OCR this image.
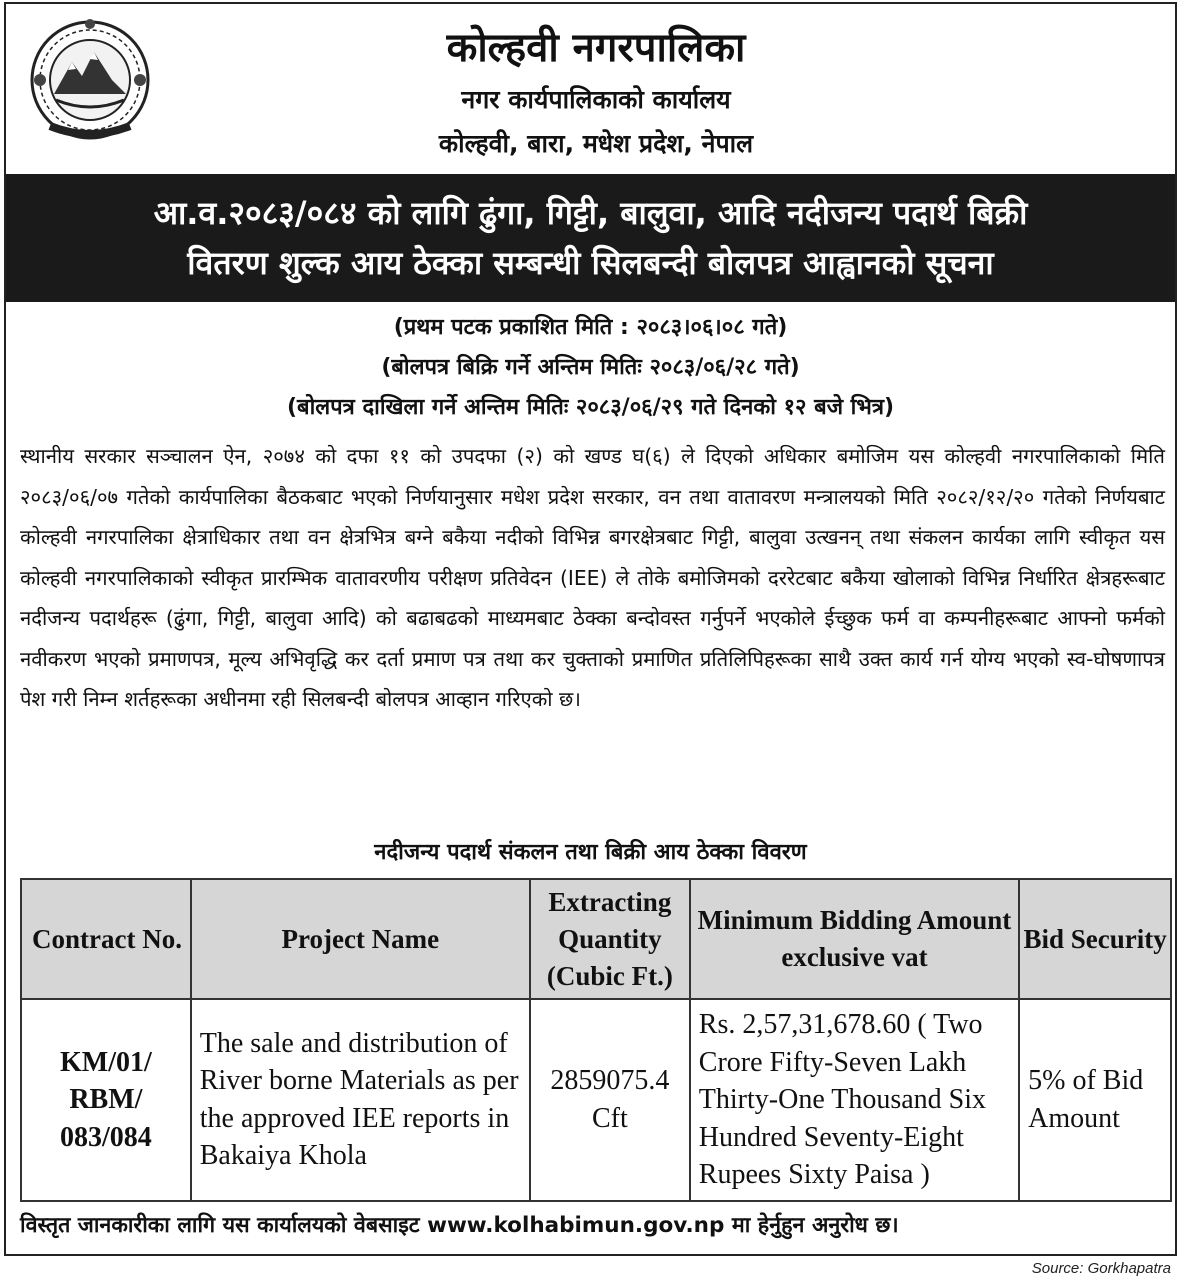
कोल्हवी नगरपालिका
नगर कार्यपालिकाको कार्यालय
कोल्हवी, बारा, मधेश प्रदेश, नेपाल
आ.व.२०८३/०८४ को लागि ढुंगा, गिट्टी, बालुवा, आदि नदीजन्य पदार्थ बिक्री
वितरण शुल्क आय ठेक्का सम्बन्धी सिलबन्दी बोलपत्र आह्वानको सूचना
(प्रथम पटक प्रकाशित मिति : २०८३।०६।०८ गते)
(बोलपत्र बिक्रि गर्ने अन्तिम मितिः २०८३/०६/२८ गते)
(बोलपत्र दाखिला गर्ने अन्तिम मितिः २०८३/०६/२९ गते दिनको १२ बजे भित्र)
स्थानीय सरकार सञ्चालन ऐन, २०७४ को दफा ११ को उपदफा (२) को खण्ड घ(६) ले दिएको अधिकार बमोजिम यस कोल्हवी नगरपालिकाको मिति २०८३/०६/०७ गतेको कार्यपालिका बैठकबाट भएको निर्णयानुसार मधेश प्रदेश सरकार, वन तथा वातावरण मन्त्रालयको मिति २०८२/१२/२० गतेको निर्णयबाट कोल्हवी नगरपालिका क्षेत्राधिकार तथा वन क्षेत्रभित्र बग्ने बकैया नदीको विभिन्न बगरक्षेत्रबाट गिट्टी, बालुवा उत्खनन् तथा संकलन कार्यका लागि स्वीकृत यस कोल्हवी नगरपालिकाको स्वीकृत प्रारम्भिक वातावरणीय परीक्षण प्रतिवेदन (IEE) ले तोके बमोजिमको दररेटबाट बकैया खोलाको विभिन्न निर्धारित क्षेत्रहरूबाट नदीजन्य पदार्थहरू (ढुंगा, गिट्टी, बालुवा आदि) को बढाबढको माध्यमबाट ठेक्का बन्दोवस्त गर्नुपर्ने भएकोले ईच्छुक फर्म वा कम्पनीहरूबाट आफ्नो फर्मको नवीकरण भएको प्रमाणपत्र, मूल्य अभिवृद्धि कर दर्ता प्रमाण पत्र तथा कर चुक्ताको प्रमाणित प्रतिलिपिहरूका साथै उक्त कार्य गर्न योग्य भएको स्व-घोषणापत्र पेश गरी निम्न शर्तहरूका अधीनमा रही सिलबन्दी बोलपत्र आव्हान गरिएको छ।
नदीजन्य पदार्थ संकलन तथा बिक्री आय ठेक्का विवरण
Contract No.	Project Name	Extracting Quantity (Cubic Ft.)	Minimum Bidding Amount exclusive vat	Bid Security
KM/01/ RBM/ 083/084	The sale and distribution of River borne Materials as per the approved IEE reports in Bakaiya Khola	2859075.4 Cft	Rs. 2,57,31,678.60 ( Two Crore Fifty-Seven Lakh Thirty-One Thousand Six Hundred Seventy-Eight Rupees Sixty Paisa )	5% of Bid Amount
विस्तृत जानकारीका लागि यस कार्यालयको वेबसाइट www.kolhabimun.gov.np मा हेर्नुहुन अनुरोध छ।
Source: Gorkhapatra
